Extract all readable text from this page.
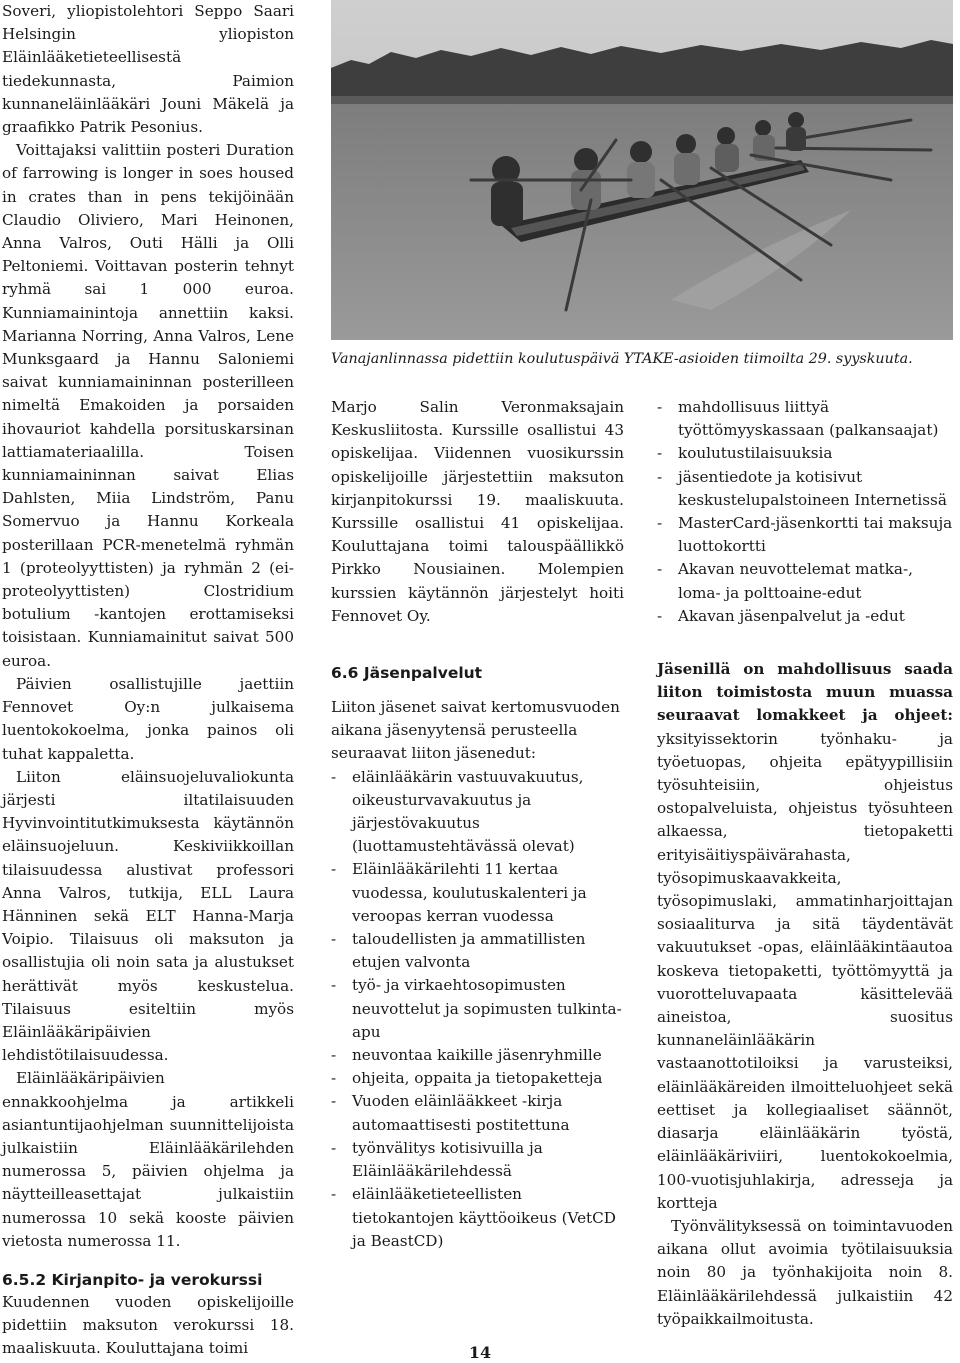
Soveri, yliopistolehtori Seppo Saari Helsingin yliopiston Eläinlääketieteellisestä tiedekunnasta, Paimion kunnaneläinlääkäri Jouni Mäkelä ja graafikko Patrik Pesonius.

Voittajaksi valittiin posteri Duration of farrowing is longer in soes housed in crates than in pens tekijöinään Claudio Oliviero, Mari Heinonen, Anna Valros, Outi Hälli ja Olli Peltoniemi. Voittavan posterin tehnyt ryhmä sai 1 000 euroa. Kunniamainintoja annettiin kaksi. Marianna Norring, Anna Valros, Lene Munksgaard ja Hannu Saloniemi saivat kunniamaininnan posterilleen nimeltä Emakoiden ja porsaiden ihovauriot kahdella porsituskarsinan lattiamateriaalilla. Toisen kunniamaininnan saivat Elias Dahlsten, Miia Lindström, Panu Somervuo ja Hannu Korkeala posterillaan PCR-menetelmä ryhmän 1 (proteolyyttisten) ja ryhmän 2 (ei-proteolyyttisten) Clostridium botulium -kantojen erottamiseksi toisistaan. Kunniamainitut saivat 500 euroa.

Päivien osallistujille jaettiin Fennovet Oy:n julkaisema luentokokoelma, jonka painos oli tuhat kappaletta.

Liiton eläinsuojeluvaliokunta järjesti iltatilaisuuden Hyvinvointitutkimuksesta käytännön eläinsuojeluun. Keskiviikkoillan tilaisuudessa alustivat professori Anna Valros, tutkija, ELL Laura Hänninen sekä ELT Hanna-Marja Voipio. Tilaisuus oli maksuton ja osallistujia oli noin sata ja alustukset herättivät myös keskustelua. Tilaisuus esiteltiin myös Eläinlääkäripäivien lehdistötilaisuudessa.

Eläinlääkäripäivien ennakkoohjelma ja artikkeli asiantuntijaohjelman suunnittelijoista julkaistiin Eläinlääkärilehden numerossa 5, päivien ohjelma ja näytteilleasettajat julkaistiin numerossa 10 sekä kooste päivien vietosta numerossa 11.

6.5.2 Kirjanpito- ja verokurssi

Kuudennen vuoden opiskelijoille pidettiin maksuton verokurssi 18. maaliskuuta. Kouluttajana toimi

Vanajanlinnassa pidettiin koulutuspäivä YTAKE-asioiden tiimoilta 29. syyskuuta.

Marjo Salin Veronmaksajain Keskusliitosta. Kurssille osallistui 43 opiskelijaa. Viidennen vuosikurssin opiskelijoille järjestettiin maksuton kirjanpitokurssi 19. maaliskuuta. Kurssille osallistui 41 opiskelijaa. Kouluttajana toimi talouspäällikkö Pirkko Nousiainen. Molempien kurssien käytännön järjestelyt hoiti Fennovet Oy.

6.6 Jäsenpalvelut

Liiton jäsenet saivat kertomusvuoden aikana jäsenyytensä perusteella seuraavat liiton jäsenedut:

- eläinlääkärin vastuuvakuutus, oikeusturvavakuutus ja järjestövakuutus (luottamustehtävässä olevat)
- Eläinlääkärilehti 11 kertaa vuodessa, koulutuskalenteri ja veroopas kerran vuodessa
- taloudellisten ja ammatillisten etujen valvonta
- työ- ja virkaehtosopimusten neuvottelut ja sopimusten tulkinta-apu
- neuvontaa kaikille jäsenryhmille
- ohjeita, oppaita ja tietopaketteja
- Vuoden eläinlääkkeet -kirja automaattisesti postitettuna
- työnvälitys kotisivuilla ja Eläinlääkärilehdessä
- eläinlääketieteellisten tietokantojen käyttöoikeus (VetCD ja BeastCD)
- mahdollisuus liittyä työttömyyskassaan (palkansaajat)
- koulutustilaisuuksia
- jäsentiedote ja kotisivut keskustelupalstoineen Internetissä
- MasterCard-jäsenkortti tai maksuja luottokortti
- Akavan neuvottelemat matka-, loma- ja polttoaine-edut
- Akavan jäsenpalvelut ja -edut

Jäsenillä on mahdollisuus saada liiton toimistosta muun muassa seuraavat lomakkeet ja ohjeet: yksityissektorin työnhaku- ja työetuopas, ohjeita epätyypillisiin työsuhteisiin, ohjeistus ostopalveluista, ohjeistus työsuhteen alkaessa, tietopaketti erityisäitiyspäivärahasta, työsopimuskaavakkeita, työsopimuslaki, ammatinharjoittajan sosiaaliturva ja sitä täydentävät vakuutukset -opas, eläinlääkintäautoa koskeva tietopaketti, työttömyyttä ja vuorotteluvapaata käsittelevää aineistoa, suositus kunnaneläinlääkärin vastaanottotiloiksi ja varusteiksi, eläinlääkäreiden ilmoitteluohjeet sekä eettiset ja kollegiaaliset säännöt, diasarja eläinlääkärin työstä, eläinlääkäriviiri, luentokokoelmia, 100-vuotisjuhlakirja, adresseja ja kortteja

Työnvälityksessä on toimintavuoden aikana ollut avoimia työtilaisuuksia noin 80 ja työnhakijoita noin 8. Eläinlääkärilehdessä julkaistiin 42 työpaikkailmoitusta.

14
